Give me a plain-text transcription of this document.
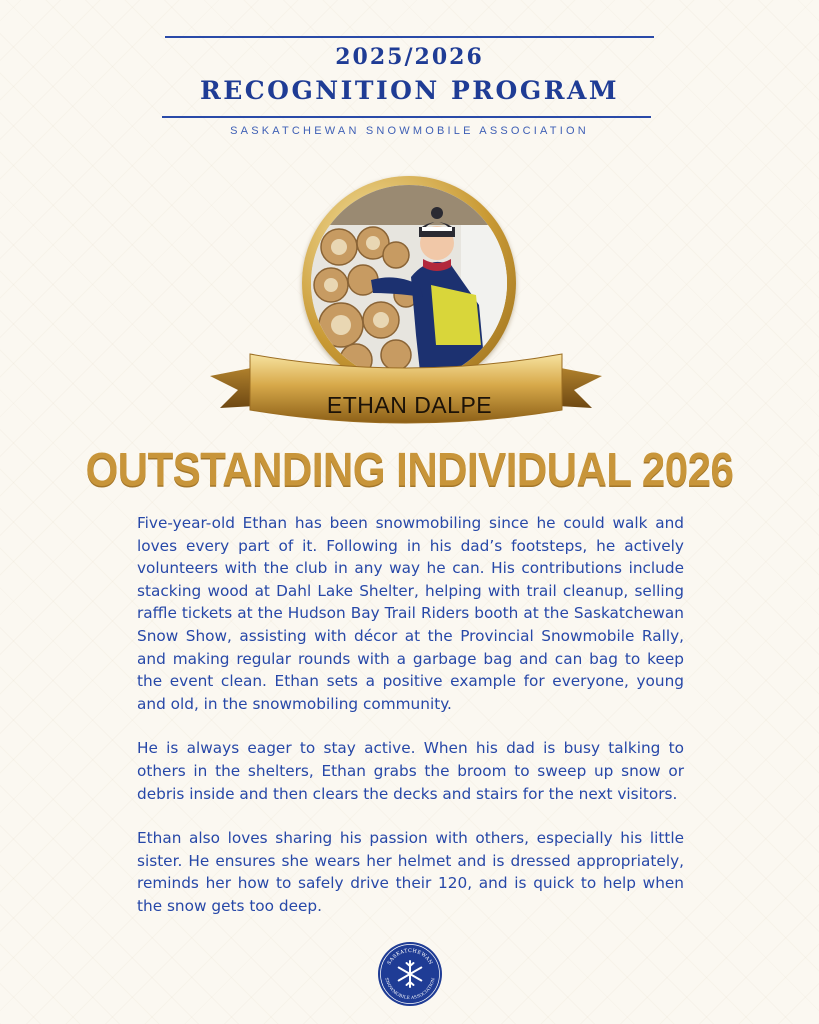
2025/2026
RECOGNITION PROGRAM
SASKATCHEWAN SNOWMOBILE ASSOCIATION
ETHAN DALPE
OUTSTANDING INDIVIDUAL 2026

Five-year-old Ethan has been snowmobiling since he could walk and loves every part of it. Following in his dad’s footsteps, he actively volunteers with the club in any way he can. His contributions include stacking wood at Dahl Lake Shelter, helping with trail cleanup, selling raffle tickets at the Hudson Bay Trail Riders booth at the Saskatchewan Snow Show, assisting with décor at the Provincial Snowmobile Rally, and making regular rounds with a garbage bag and can bag to keep the event clean. Ethan sets a positive example for everyone, young and old, in the snowmobiling community.

He is always eager to stay active. When his dad is busy talking to others in the shelters, Ethan grabs the broom to sweep up snow or debris inside and then clears the decks and stairs for the next visitors.

Ethan also loves sharing his passion with others, especially his little sister. He ensures she wears her helmet and is dressed appropriately, reminds her how to safely drive their 120, and is quick to help when the snow gets too deep.

SASKATCHEWAN
SNOWMOBILE ASSOCIATION
